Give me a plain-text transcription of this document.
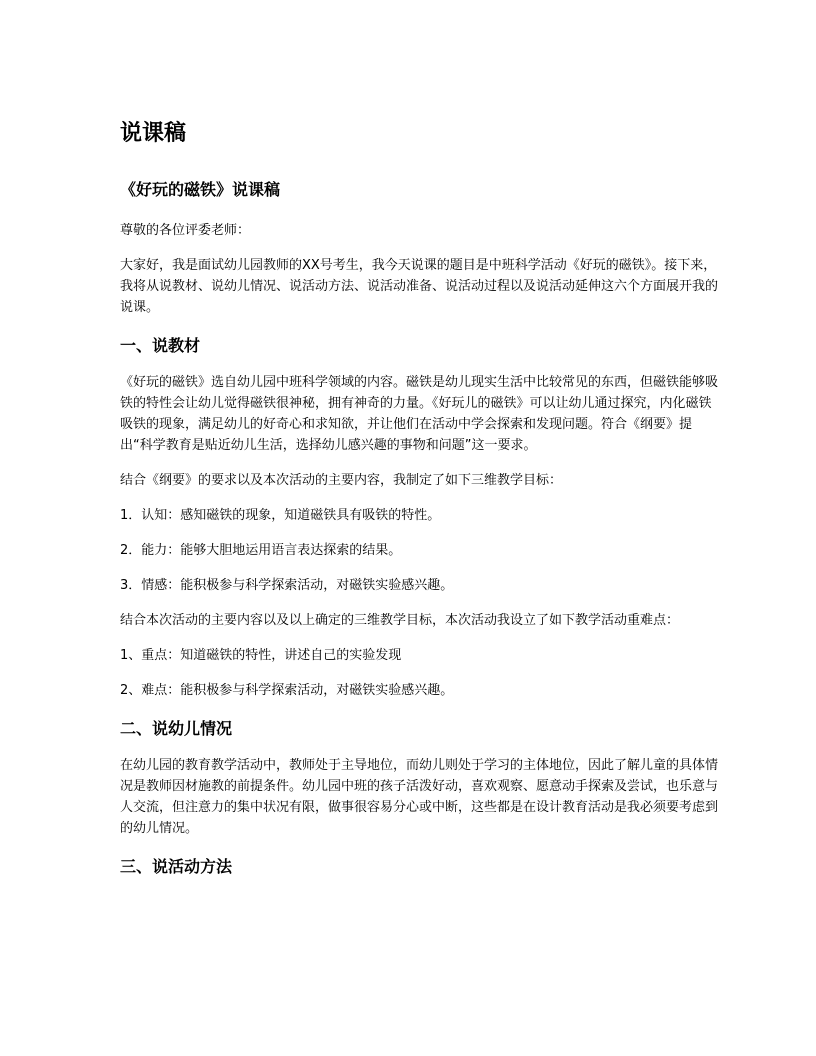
说课稿
《好玩的磁铁》说课稿

尊敬的各位评委老师：

大家好，我是面试幼儿园教师的XX号考生，我今天说课的题目是中班科学活动《好玩的磁铁》。接下来，我将从说教材、说幼儿情况、说活动方法、说活动准备、说活动过程以及说活动延伸这六个方面展开我的说课。

一、说教材

《好玩的磁铁》选自幼儿园中班科学领域的内容。磁铁是幼儿现实生活中比较常见的东西，但磁铁能够吸铁的特性会让幼儿觉得磁铁很神秘，拥有神奇的力量。《好玩儿的磁铁》可以让幼儿通过探究，内化磁铁吸铁的现象，满足幼儿的好奇心和求知欲，并让他们在活动中学会探索和发现问题。符合《纲要》提出“科学教育是贴近幼儿生活，选择幼儿感兴趣的事物和问题”这一要求。

结合《纲要》的要求以及本次活动的主要内容，我制定了如下三维教学目标：

1．认知：感知磁铁的现象，知道磁铁具有吸铁的特性。

2．能力：能够大胆地运用语言表达探索的结果。

3．情感：能积极参与科学探索活动，对磁铁实验感兴趣。

结合本次活动的主要内容以及以上确定的三维教学目标，本次活动我设立了如下教学活动重难点：

1、重点：知道磁铁的特性，讲述自己的实验发现

2、难点：能积极参与科学探索活动，对磁铁实验感兴趣。

二、说幼儿情况

在幼儿园的教育教学活动中，教师处于主导地位，而幼儿则处于学习的主体地位，因此了解儿童的具体情况是教师因材施教的前提条件。幼儿园中班的孩子活泼好动，喜欢观察、愿意动手探索及尝试，也乐意与人交流，但注意力的集中状况有限，做事很容易分心或中断，这些都是在设计教育活动是我必须要考虑到的幼儿情况。

三、说活动方法
